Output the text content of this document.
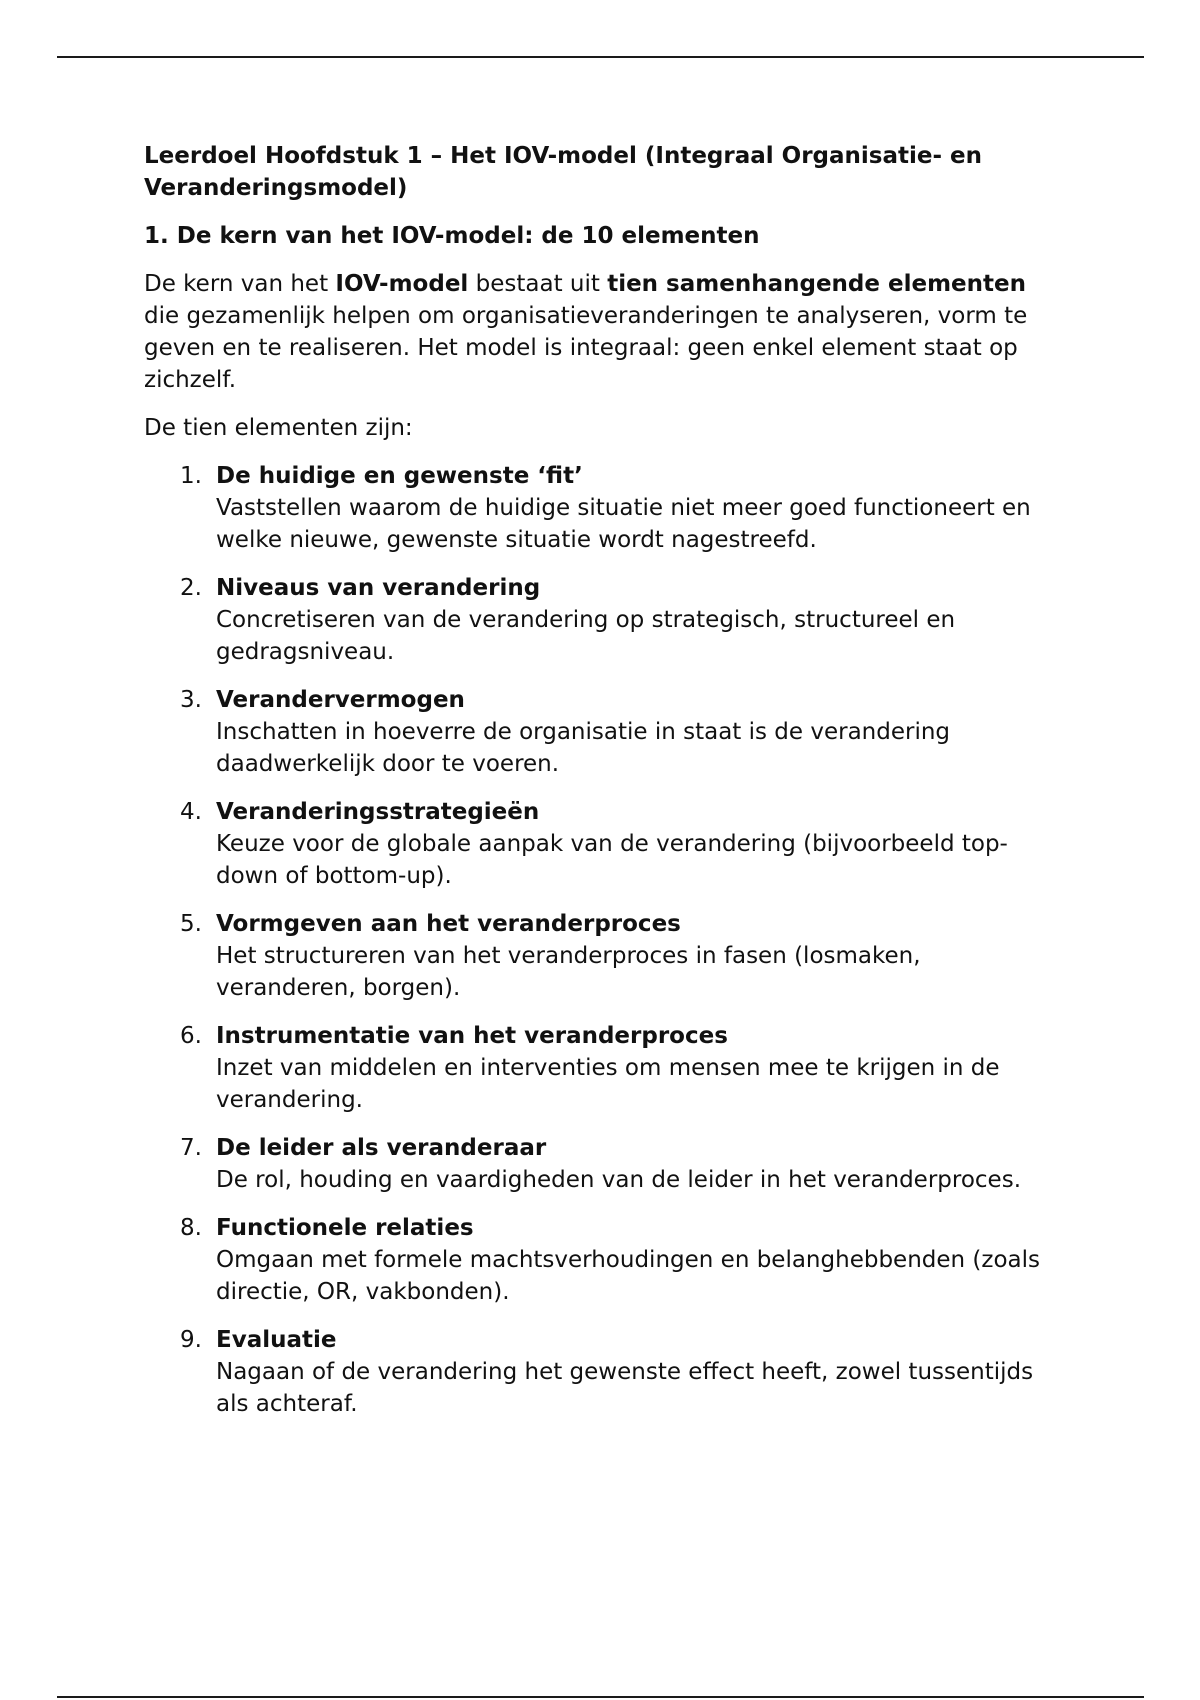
Leerdoel Hoofdstuk 1 – Het IOV-model (Integraal Organisatie- en Veranderingsmodel)
1. De kern van het IOV-model: de 10 elementen

De kern van het IOV-model bestaat uit tien samenhangende elementen die gezamenlijk helpen om organisatieveranderingen te analyseren, vorm te geven en te realiseren. Het model is integraal: geen enkel element staat op zichzelf.

De tien elementen zijn:

1. De huidige en gewenste ‘fit’
Vaststellen waarom de huidige situatie niet meer goed functioneert en welke nieuwe, gewenste situatie wordt nagestreefd.
2. Niveaus van verandering
Concretiseren van de verandering op strategisch, structureel en gedragsniveau.
3. Verandervermogen
Inschatten in hoeverre de organisatie in staat is de verandering daadwerkelijk door te voeren.
4. Veranderingsstrategieën
Keuze voor de globale aanpak van de verandering (bijvoorbeeld top-down of bottom-up).
5. Vormgeven aan het veranderproces
Het structureren van het veranderproces in fasen (losmaken, veranderen, borgen).
6. Instrumentatie van het veranderproces
Inzet van middelen en interventies om mensen mee te krijgen in de verandering.
7. De leider als veranderaar
De rol, houding en vaardigheden van de leider in het veranderproces.
8. Functionele relaties
Omgaan met formele machtsverhoudingen en belanghebbenden (zoals directie, OR, vakbonden).
9. Evaluatie
Nagaan of de verandering het gewenste effect heeft, zowel tussentijds als achteraf.
